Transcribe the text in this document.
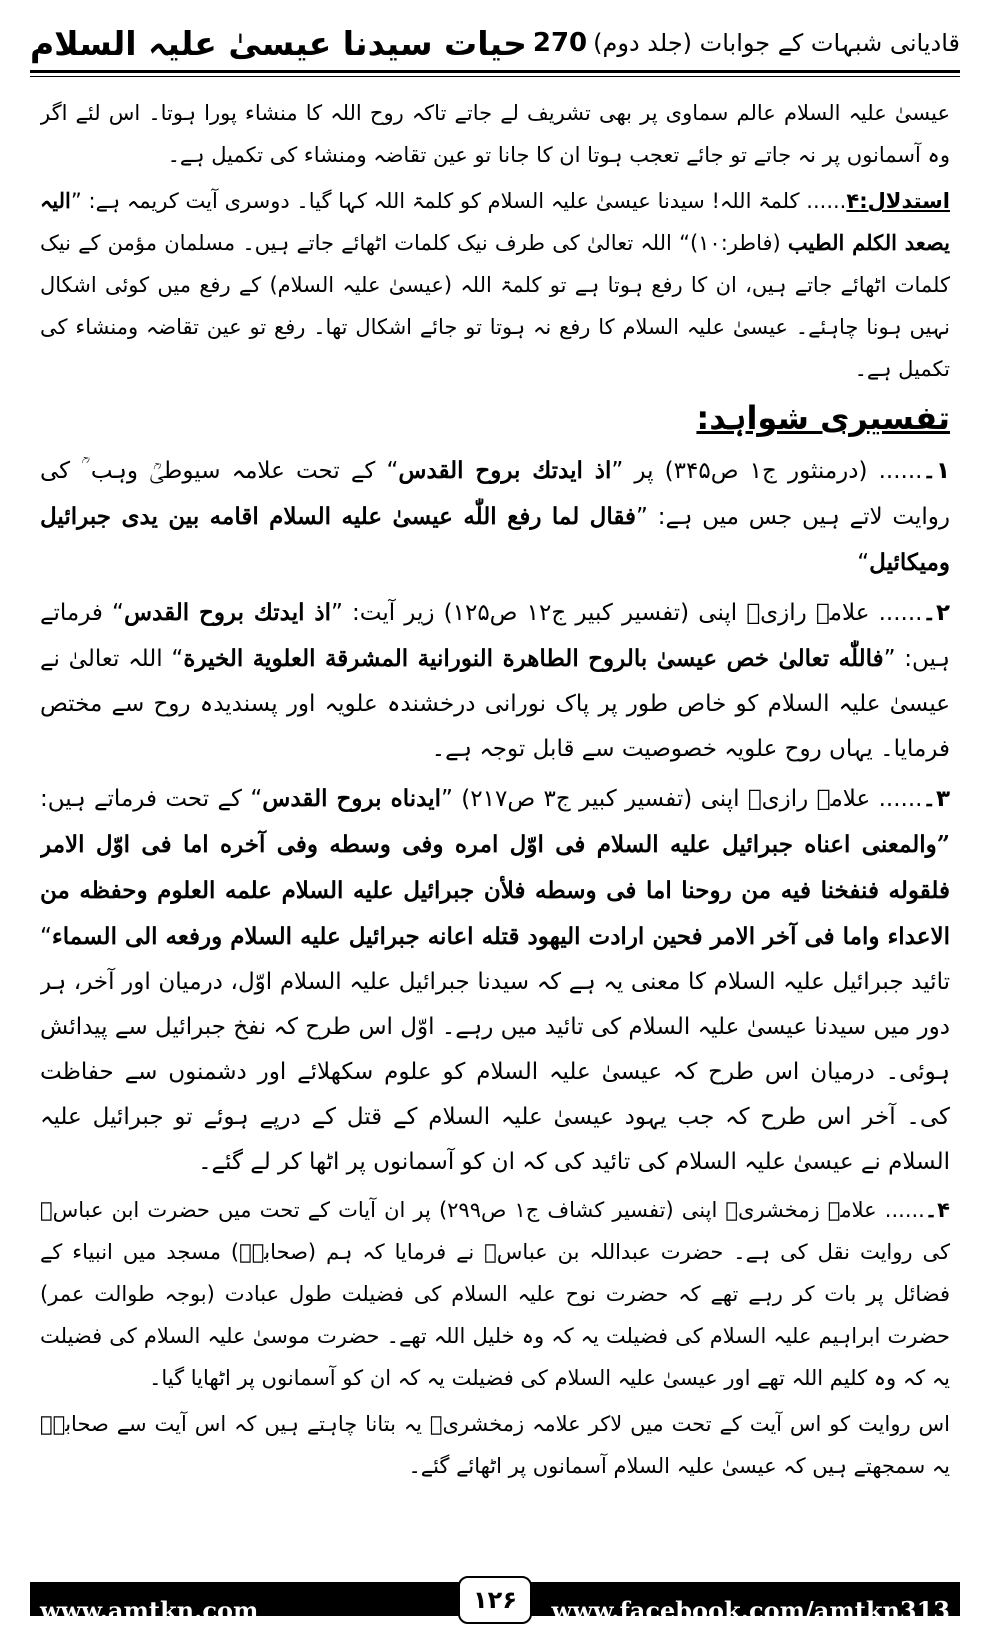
حیات سیدنا عیسیٰ علیہ السلام 270 قادیانی شبہات کے جوابات (جلد دوم)

عیسیٰ علیہ السلام عالم سماوی پر بھی تشریف لے جاتے تاکہ روح اللہ کا منشاء پورا ہوتا۔ اس لئے اگر وہ آسمانوں پر نہ جاتے تو جائے تعجب ہوتا ان کا جانا تو عین تقاضہ ومنشاء کی تکمیل ہے۔

استدلال:۴...... کلمۃ اللہ! سیدنا عیسیٰ علیہ السلام کو کلمۃ اللہ کہا گیا۔ دوسری آیت کریمہ ہے: ”الیہ یصعد الکلم الطیب (فاطر:۱۰)“ اللہ تعالیٰ کی طرف نیک کلمات اٹھائے جاتے ہیں۔ مسلمان مؤمن کے نیک کلمات اٹھائے جاتے ہیں، ان کا رفع ہوتا ہے تو کلمۃ اللہ (عیسیٰ علیہ السلام) کے رفع میں کوئی اشکال نہیں ہونا چاہئے۔ عیسیٰ علیہ السلام کا رفع نہ ہوتا تو جائے اشکال تھا۔ رفع تو عین تقاضہ ومنشاء کی تکمیل ہے۔

تفسیری شواہد:

۱۔...... (درمنثور ج۱ ص۳۴۵) پر ”اذ ایدتك بروح القدس“ کے تحت علامہ سیوطیؒ وہب ؒ کی روایت لاتے ہیں جس میں ہے: ”فقال لما رفع اللّٰه عیسیٰ علیه السلام اقامه بین یدی جبرائیل ومیکائیل“

۲۔...... علامہ رازیؒ اپنی (تفسیر کبیر ج۱۲ ص۱۲۵) زیر آیت: ”اذ ایدتك بروح القدس“ فرماتے ہیں: ”فاللّٰه تعالیٰ خص عیسیٰ بالروح الطاهرة النورانیة المشرقة العلویة الخیرة“ اللہ تعالیٰ نے عیسیٰ علیہ السلام کو خاص طور پر پاک نورانی درخشندہ علویہ اور پسندیدہ روح سے مختص فرمایا۔ یہاں روح علویہ خصوصیت سے قابل توجہ ہے۔

۳۔...... علامہ رازیؒ اپنی (تفسیر کبیر ج۳ ص۲۱۷) ”ایدناه بروح القدس“ کے تحت فرماتے ہیں: ”والمعنی اعناه جبرائیل علیه السلام فی اوّل امره وفی وسطه وفی آخره اما فی اوّل الامر فلقوله فنفخنا فیه من روحنا اما فی وسطه فلأن جبرائیل علیه السلام علمه العلوم وحفظه من الاعداء واما فی آخر الامر فحین ارادت الیهود قتله اعانه جبرائیل علیه السلام ورفعه الی السماء“ تائید جبرائیل علیہ السلام کا معنی یہ ہے کہ سیدنا جبرائیل علیہ السلام اوّل، درمیان اور آخر، ہر دور میں سیدنا عیسیٰ علیہ السلام کی تائید میں رہے۔ اوّل اس طرح کہ نفخ جبرائیل سے پیدائش ہوئی۔ درمیان اس طرح کہ عیسیٰ علیہ السلام کو علوم سکھلائے اور دشمنوں سے حفاظت کی۔ آخر اس طرح کہ جب یہود عیسیٰ علیہ السلام کے قتل کے درپے ہوئے تو جبرائیل علیہ السلام نے عیسیٰ علیہ السلام کی تائید کی کہ ان کو آسمانوں پر اٹھا کر لے گئے۔

۴۔...... علامہ زمخشریؒ اپنی (تفسیر کشاف ج۱ ص۲۹۹) پر ان آیات کے تحت میں حضرت ابن عباسؓ کی روایت نقل کی ہے۔ حضرت عبداللہ بن عباسؓ نے فرمایا کہ ہم (صحابہؓ) مسجد میں انبیاء کے فضائل پر بات کر رہے تھے کہ حضرت نوح علیہ السلام کی فضیلت طول عبادت (بوجہ طوالت عمر) حضرت ابراہیم علیہ السلام کی فضیلت یہ کہ وہ خلیل اللہ تھے۔ حضرت موسیٰ علیہ السلام کی فضیلت یہ کہ وہ کلیم اللہ تھے اور عیسیٰ علیہ السلام کی فضیلت یہ کہ ان کو آسمانوں پر اٹھایا گیا۔

اس روایت کو اس آیت کے تحت میں لاکر علامہ زمخشریؒ یہ بتانا چاہتے ہیں کہ اس آیت سے صحابہؓ یہ سمجھتے ہیں کہ عیسیٰ علیہ السلام آسمانوں پر اٹھائے گئے۔

www.amtkn.com	www.facebook.com/amtkn313
۱۲۶
